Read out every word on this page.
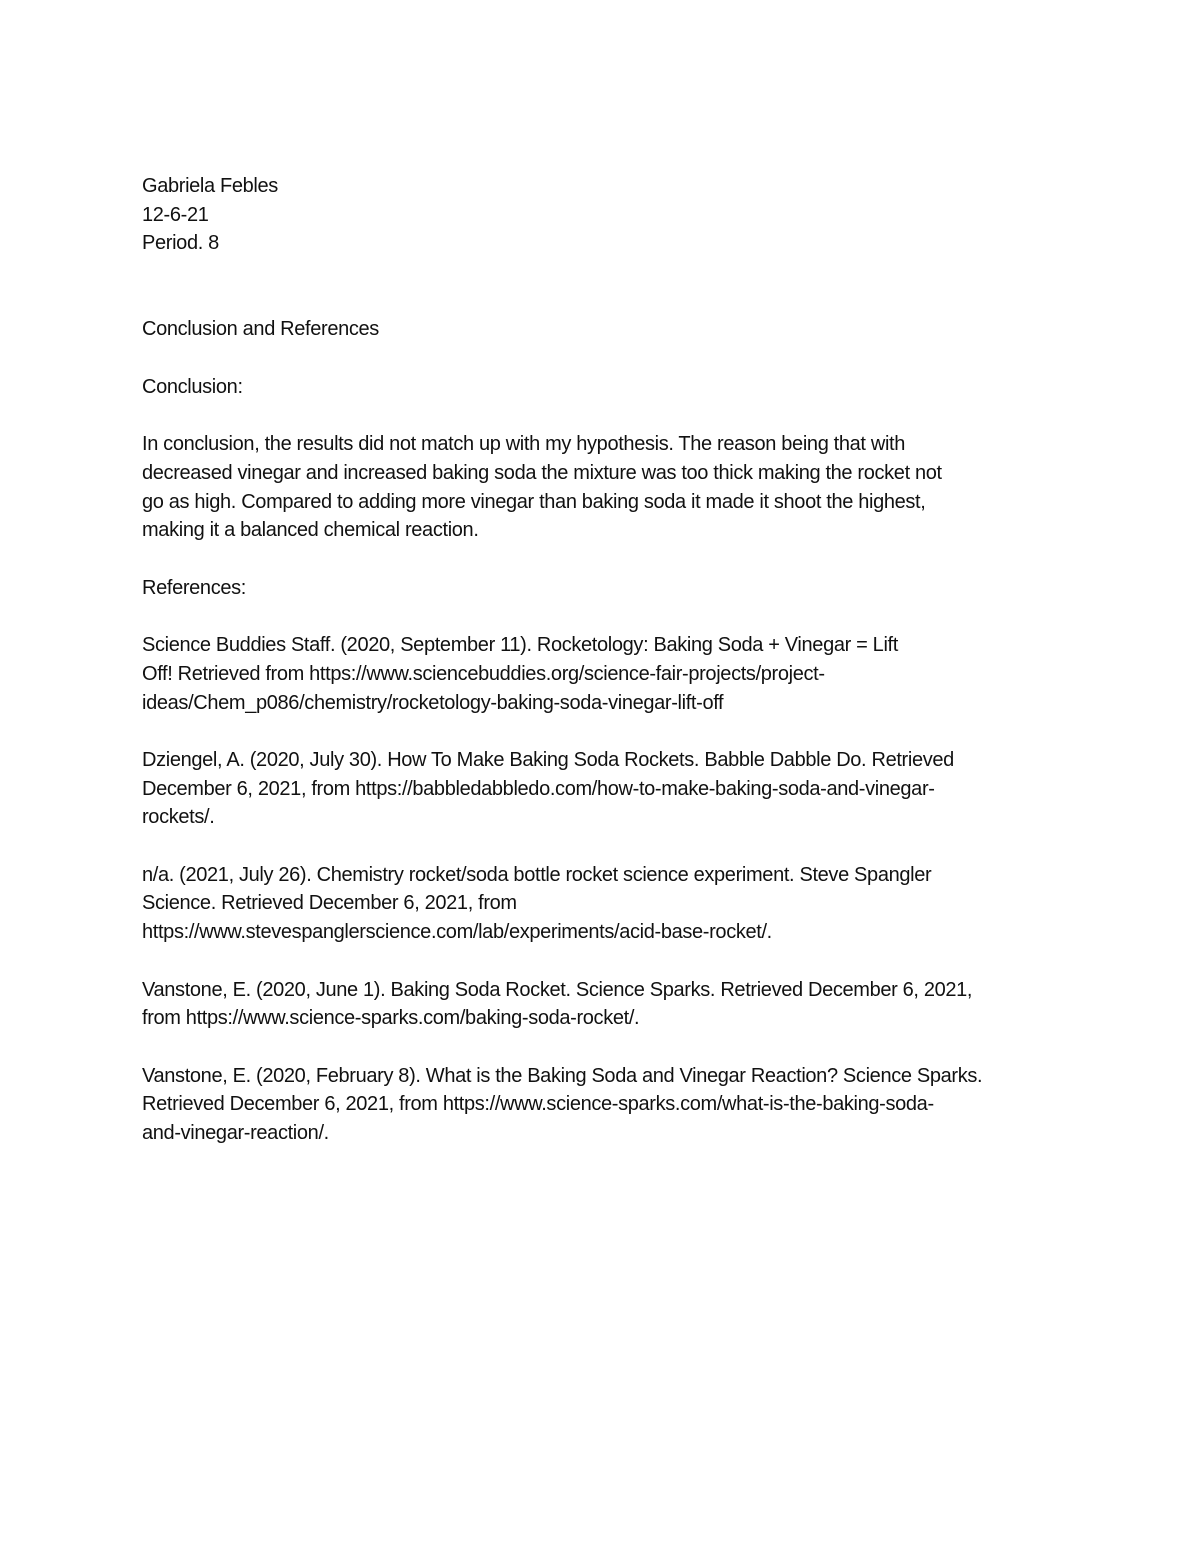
Gabriela Febles
12-6-21
Period. 8
Conclusion and References
Conclusion:
In conclusion, the results did not match up with my hypothesis. The reason being that with
decreased vinegar and increased baking soda the mixture was too thick making the rocket not
go as high. Compared to adding more vinegar than baking soda it made it shoot the highest,
making it a balanced chemical reaction.
References:
Science Buddies Staff. (2020, September 11). Rocketology: Baking Soda + Vinegar = Lift
Off! Retrieved from https://www.sciencebuddies.org/science-fair-projects/project-
ideas/Chem_p086/chemistry/rocketology-baking-soda-vinegar-lift-off
Dziengel, A. (2020, July 30). How To Make Baking Soda Rockets. Babble Dabble Do. Retrieved
December 6, 2021, from https://babbledabbledo.com/how-to-make-baking-soda-and-vinegar-
rockets/.
n/a. (2021, July 26). Chemistry rocket/soda bottle rocket science experiment. Steve Spangler
Science. Retrieved December 6, 2021, from
https://www.stevespanglerscience.com/lab/experiments/acid-base-rocket/.
Vanstone, E. (2020, June 1). Baking Soda Rocket. Science Sparks. Retrieved December 6, 2021,
from https://www.science-sparks.com/baking-soda-rocket/.
Vanstone, E. (2020, February 8). What is the Baking Soda and Vinegar Reaction? Science Sparks.
Retrieved December 6, 2021, from https://www.science-sparks.com/what-is-the-baking-soda-
and-vinegar-reaction/.
